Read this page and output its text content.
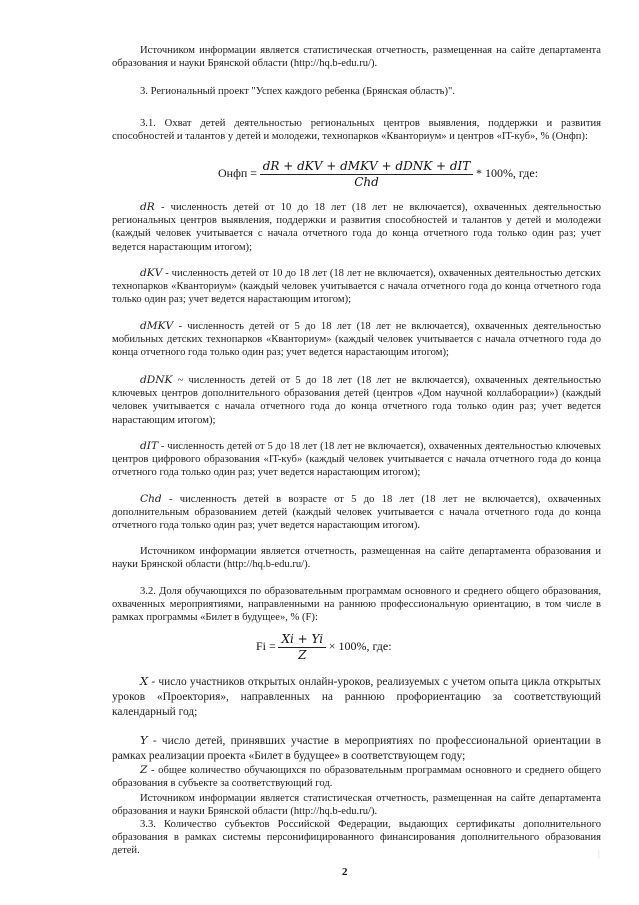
Источником информации является статистическая отчетность, размещенная на сайте департамента образования и науки Брянской области (http://hq.b-edu.ru/).

3. Региональный проект "Успех каждого ребенка (Брянская область)".

3.1. Охват детей деятельностью региональных центров выявления, поддержки и развития способностей и талантов у детей и молодежи, технопарков «Кванториум» и центров «IT-куб», % (Онфп):

Онфп = $\frac{\text{dR + dKV + dMKV + dDNK + dIT}}{\text{Chd}} * 100\%$, где:

dR - численность детей от 10 до 18 лет (18 лет не включается), охваченных деятельностью региональных центров выявления, поддержки и развития способностей и талантов у детей и молодежи (каждый человек учитывается с начала отчетного года до конца отчетного года только один раз; учет ведется нарастающим итогом);

dKV - численность детей от 10 до 18 лет (18 лет не включается), охваченных деятельностью детских технопарков «Кванториум» (каждый человек учитывается с начала отчетного года до конца отчетного года только один раз; учет ведется нарастающим итогом);

dMKV - численность детей от 5 до 18 лет (18 лет не включается), охваченных деятельностью мобильных детских технопарков «Кванториум» (каждый человек учитывается с начала отчетного года до конца отчетного года только один раз; учет ведется нарастающим итогом);

dDNK ~ численность детей от 5 до 18 лет (18 лет не включается), охваченных деятельностью ключевых центров дополнительного образования детей (центров «Дом научной коллаборации») (каждый человек учитывается с начала отчетного года до конца отчетного года только один раз; учет ведется нарастающим итогом);

dIT - численность детей от 5 до 18 лет (18 лет не включается), охваченных деятельностью ключевых центров цифрового образования «IT-куб» (каждый человек учитывается с начала отчетного года до конца отчетного года только один раз; учет ведется нарастающим итогом);

Chd - численность детей в возрасте от 5 до 18 лет (18 лет не включается), охваченных дополнительным образованием детей (каждый человек учитывается с начала отчетного года до конца отчетного года только один раз; учет ведется нарастающим итогом).

Источником информации является отчетность, размещенная на сайте департамента образования и науки Брянской области (http://hq.b-edu.ru/).

3.2. Доля обучающихся по образовательным программам основного и среднего общего образования, охваченных мероприятиями, направленными на раннюю профессиональную ориентацию, в том числе в рамках программы «Билет в будущее», % (F):

$Fi = \frac{Xi + Yi}{Z} \times 100\%$, где:

X - число участников открытых онлайн-уроков, реализуемых с учетом опыта цикла открытых уроков «Проектория», направленных на раннюю профориентацию за соответствующий календарный год;

Y - число детей, принявших участие в мероприятиях по профессиональной ориентации в рамках реализации проекта «Билет в будущее» в соответствующем году;

Z - общее количество обучающихся по образовательным программам основного и среднего общего образования в субъекте за соответствующий год.

Источником информации является статистическая отчетность, размещенная на сайте департамента образования и науки Брянской области (http://hq.b-edu.ru/).

3.3. Количество субъектов Российской Федерации, выдающих сертификаты дополнительного образования в рамках системы персонифицированного финансирования дополнительного образования детей.	|
2
